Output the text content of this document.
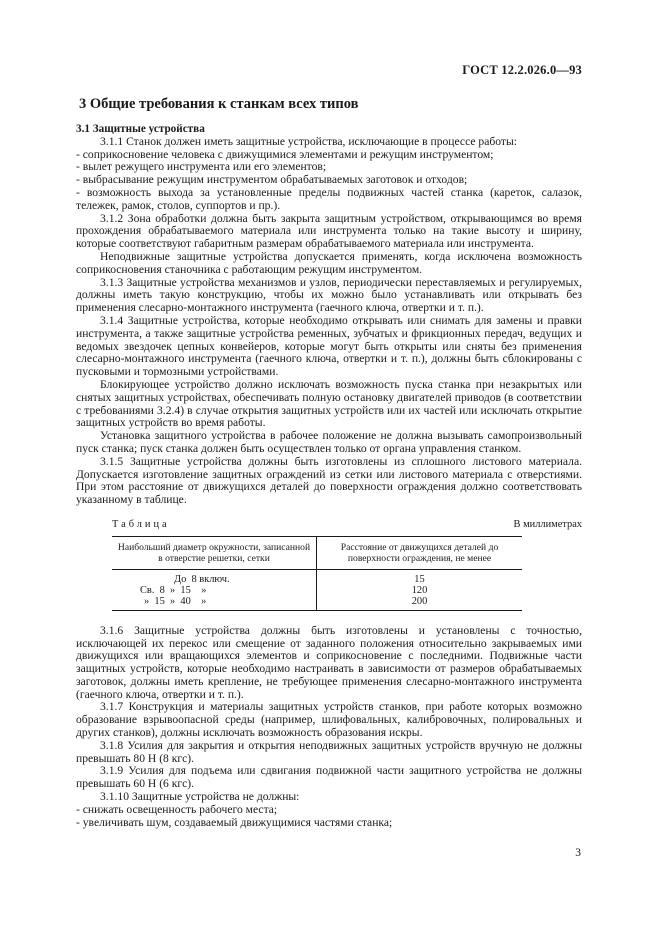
ГОСТ 12.2.026.0—93
3 Общие требования к станкам всех типов
3.1 Защитные устройства
3.1.1 Станок должен иметь защитные устройства, исключающие в процессе работы:
- соприкосновение человека с движущимися элементами и режущим инструментом;
- вылет режущего инструмента или его элементов;
- выбрасывание режущим инструментом обрабатываемых заготовок и отходов;
- возможность выхода за установленные пределы подвижных частей станка (кареток, салазок, тележек, рамок, столов, суппортов и пр.).
3.1.2 Зона обработки должна быть закрыта защитным устройством, открывающимся во время прохождения обрабатываемого материала или инструмента только на такие высоту и ширину, которые соответствуют габаритным размерам обрабатываемого материала или инструмента.
Неподвижные защитные устройства допускается применять, когда исключена возможность соприкосновения станочника с работающим режущим инструментом.
3.1.3 Защитные устройства механизмов и узлов, периодически переставляемых и регулируемых, должны иметь такую конструкцию, чтобы их можно было устанавливать или открывать без применения слесарно-монтажного инструмента (гаечного ключа, отвертки и т. п.).
3.1.4 Защитные устройства, которые необходимо открывать или снимать для замены и правки инструмента, а также защитные устройства ременных, зубчатых и фрикционных передач, ведущих и ведомых звездочек цепных конвейеров, которые могут быть открыты или сняты без применения слесарно-монтажного инструмента (гаечного ключа, отвертки и т. п.), должны быть сблокированы с пусковыми и тормозными устройствами.
Блокирующее устройство должно исключать возможность пуска станка при незакрытых или снятых защитных устройствах, обеспечивать полную остановку двигателей приводов (в соответствии с требованиями 3.2.4) в случае открытия защитных устройств или их частей или исключать открытие защитных устройств во время работы.
Установка защитного устройства в рабочее положение не должна вызывать самопроизвольный пуск станка; пуск станка должен быть осуществлен только от органа управления станком.
3.1.5 Защитные устройства должны быть изготовлены из сплошного листового материала. Допускается изготовление защитных ограждений из сетки или листового материала с отверстиями. При этом расстояние от движущихся деталей до поверхности ограждения должно соответствовать указанному в таблице.
Таблица	В миллиметрах
Наибольший диаметр окружности, записанной в отверстие решетки, сетки	Расстояние от движущихся деталей до поверхности ограждения, не менее
До  8 включ.	15
Св.  8  »  15    »	120
»  15  »  40    »	200
3.1.6 Защитные устройства должны быть изготовлены и установлены с точностью, исключающей их перекос или смещение от заданного положения относительно закрываемых ими движущихся или вращающихся элементов и соприкосновение с последними. Подвижные части защитных устройств, которые необходимо настраивать в зависимости от размеров обрабатываемых заготовок, должны иметь крепление, не требующее применения слесарно-монтажного инструмента (гаечного ключа, отвертки и т. п.).
3.1.7 Конструкция и материалы защитных устройств станков, при работе которых возможно образование взрывоопасной среды (например, шлифовальных, калибровочных, полировальных и других станков), должны исключать возможность образования искры.
3.1.8 Усилия для закрытия и открытия неподвижных защитных устройств вручную не должны превышать 80 Н (8 кгс).
3.1.9 Усилия для подъема или сдвигания подвижной части защитного устройства не должны превышать 60 Н (6 кгс).
3.1.10 Защитные устройства не должны:
- снижать освещенность рабочего места;
- увеличивать шум, создаваемый движущимися частями станка;
3
